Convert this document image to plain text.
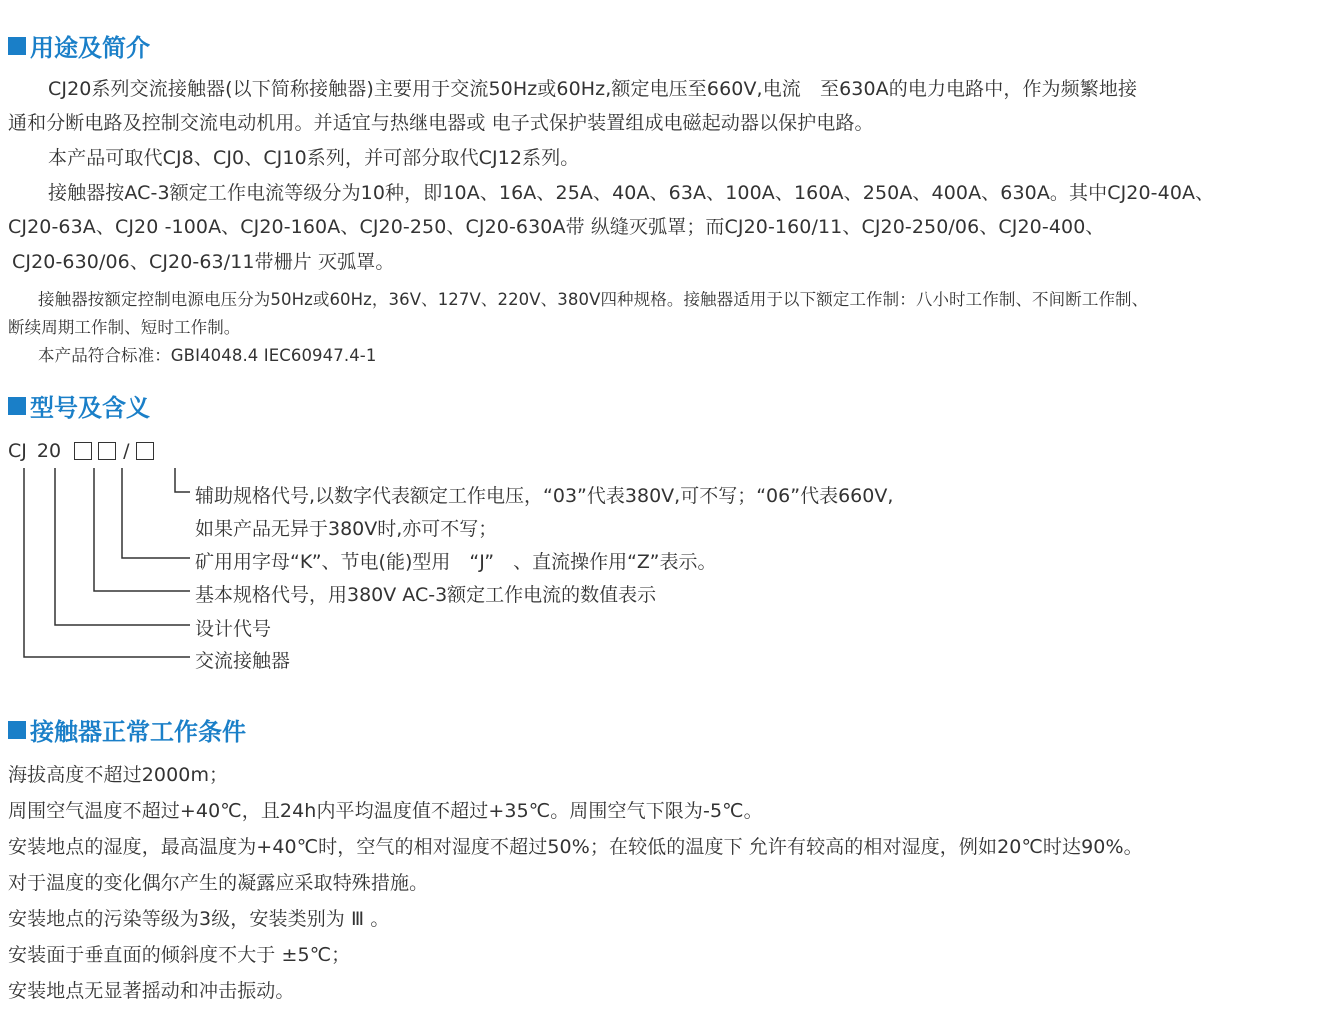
用途及简介
CJ20系列交流接触器(以下简称接触器)主要用于交流50Hz或60Hz,额定电压至660V,电流　至630A的电力电路中，作为频繁地接
通和分断电路及控制交流电动机用。并适宜与热继电器或 电子式保护装置组成电磁起动器以保护电路。
本产品可取代CJ8、CJ0、CJ10系列，并可部分取代CJ12系列。
接触器按AC-3额定工作电流等级分为10种，即10A、16A、25A、40A、63A、100A、160A、250A、400A、630A。其中CJ20-40A、
CJ20-63A、CJ20 -100A、CJ20-160A、CJ20-250、CJ20-630A带 纵缝灭弧罩；而CJ20-160/11、CJ20-250/06、CJ20-400、
CJ20-630/06、CJ20-63/11带栅片 灭弧罩。
接触器按额定控制电源电压分为50Hz或60Hz，36V、127V、220V、380V四种规格。接触器适用于以下额定工作制：八小时工作制、不间断工作制、
断续周期工作制、短时工作制。
本产品符合标准：GBI4048.4 IEC60947.4-1
型号及含义
CJ 20	/
辅助规格代号,以数字代表额定工作电压，“03”代表380V,可不写；“06”代表660V,
如果产品无异于380V时,亦可不写；
矿用用字母“K”、节电(能)型用　“J”　、直流操作用“Z”表示。
基本规格代号，用380V AC-3额定工作电流的数值表示
设计代号
交流接触器
接触器正常工作条件
海拔高度不超过2000m；
周围空气温度不超过+40℃，且24h内平均温度值不超过+35℃。周围空气下限为-5℃。
安装地点的湿度，最高温度为+40℃时，空气的相对湿度不超过50%；在较低的温度下 允许有较高的相对湿度，例如20℃时达90%。
对于温度的变化偶尔产生的凝露应采取特殊措施。
安装地点的污染等级为3级，安装类别为 Ⅲ 。
安装面于垂直面的倾斜度不大于 ±5℃；
安装地点无显著摇动和冲击振动。
